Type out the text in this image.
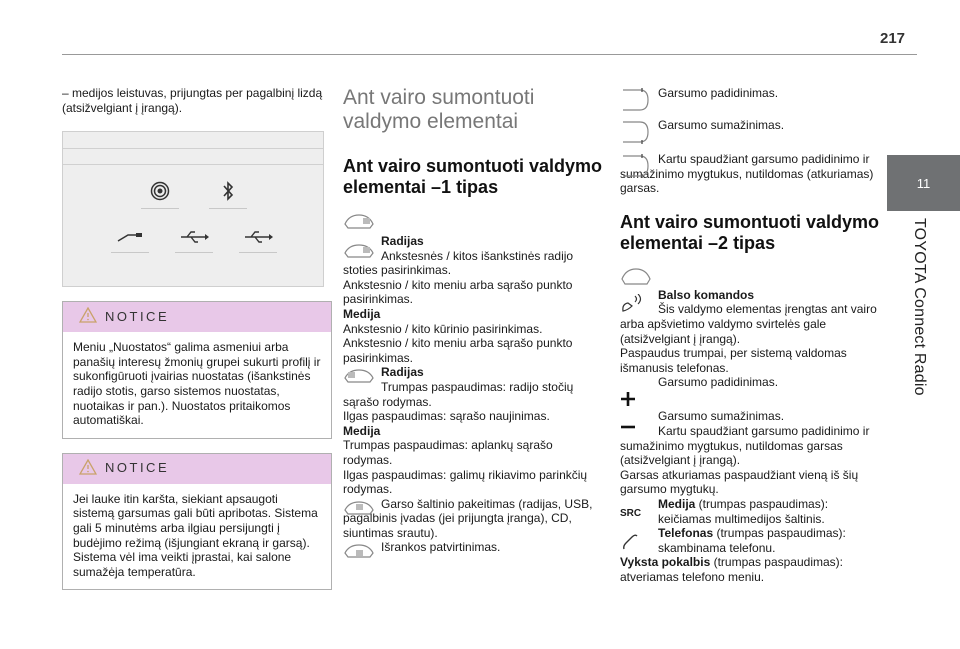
217
11
TOYOTA Connect Radio

– medijos leistuvas, prijungtas per pagalbinį lizdą (atsižvelgiant į įrangą).

NOTICE
Meniu „Nuostatos“ galima asmeniui arba panašių interesų žmonių grupei sukurti profilį ir sukonfigūruoti įvairias nuostatas (išankstinės radijo stotis, garso sistemos nuostatas, nuotaikas ir pan.). Nuostatos pritaikomos automatiškai.
NOTICE
Jei lauke itin karšta, siekiant apsaugoti sistemą garsumas gali būti apribotas. Sistema gali 5 minutėms arba ilgiau persijungti į budėjimo režimą (išjungiant ekraną ir garsą). Sistema vėl ima veikti įprastai, kai salone sumažėja temperatūra.

Ant vairo sumontuoti valdymo elementai

Ant vairo sumontuoti valdymo elementai –1 tipas

Radijas
Ankstesnės / kitos išankstinės radijo stoties pasirinkimas.
Ankstesnio / kito meniu arba sąrašo punkto pasirinkimas.
Medija
Ankstesnio / kito kūrinio pasirinkimas.
Ankstesnio / kito meniu arba sąrašo punkto pasirinkimas.
Radijas
Trumpas paspaudimas: radijo stočių sąrašo rodymas.
Ilgas paspaudimas: sąrašo naujinimas.
Medija
Trumpas paspaudimas: aplankų sąrašo rodymas.
Ilgas paspaudimas: galimų rikiavimo parinkčių rodymas.
Garso šaltinio pakeitimas (radijas, USB, pagalbinis įvadas (jei prijungta įranga), CD, siuntimas srautu).
Išrankos patvirtinimas.
Garsumo padidinimas.
Garsumo sumažinimas.
Kartu spaudžiant garsumo padidinimo ir sumažinimo mygtukus, nutildomas (atkuriamas) garsas.

Ant vairo sumontuoti valdymo elementai –2 tipas

Balso komandos
Šis valdymo elementas įrengtas ant vairo arba apšvietimo valdymo svirtelės gale (atsižvelgiant į įrangą).
Paspaudus trumpai, per sistemą valdomas išmanusis telefonas.
Garsumo padidinimas.
Garsumo sumažinimas.
Kartu spaudžiant garsumo padidinimo ir sumažinimo mygtukus, nutildomas garsas (atsižvelgiant į įrangą).
Garsas atkuriamas paspaudžiant vieną iš šių garsumo mygtukų.
SRC
Medija (trumpas paspaudimas): keičiamas multimedijos šaltinis.
Telefonas (trumpas paspaudimas): skambinama telefonu.
Vyksta pokalbis (trumpas paspaudimas): atveriamas telefono meniu.
